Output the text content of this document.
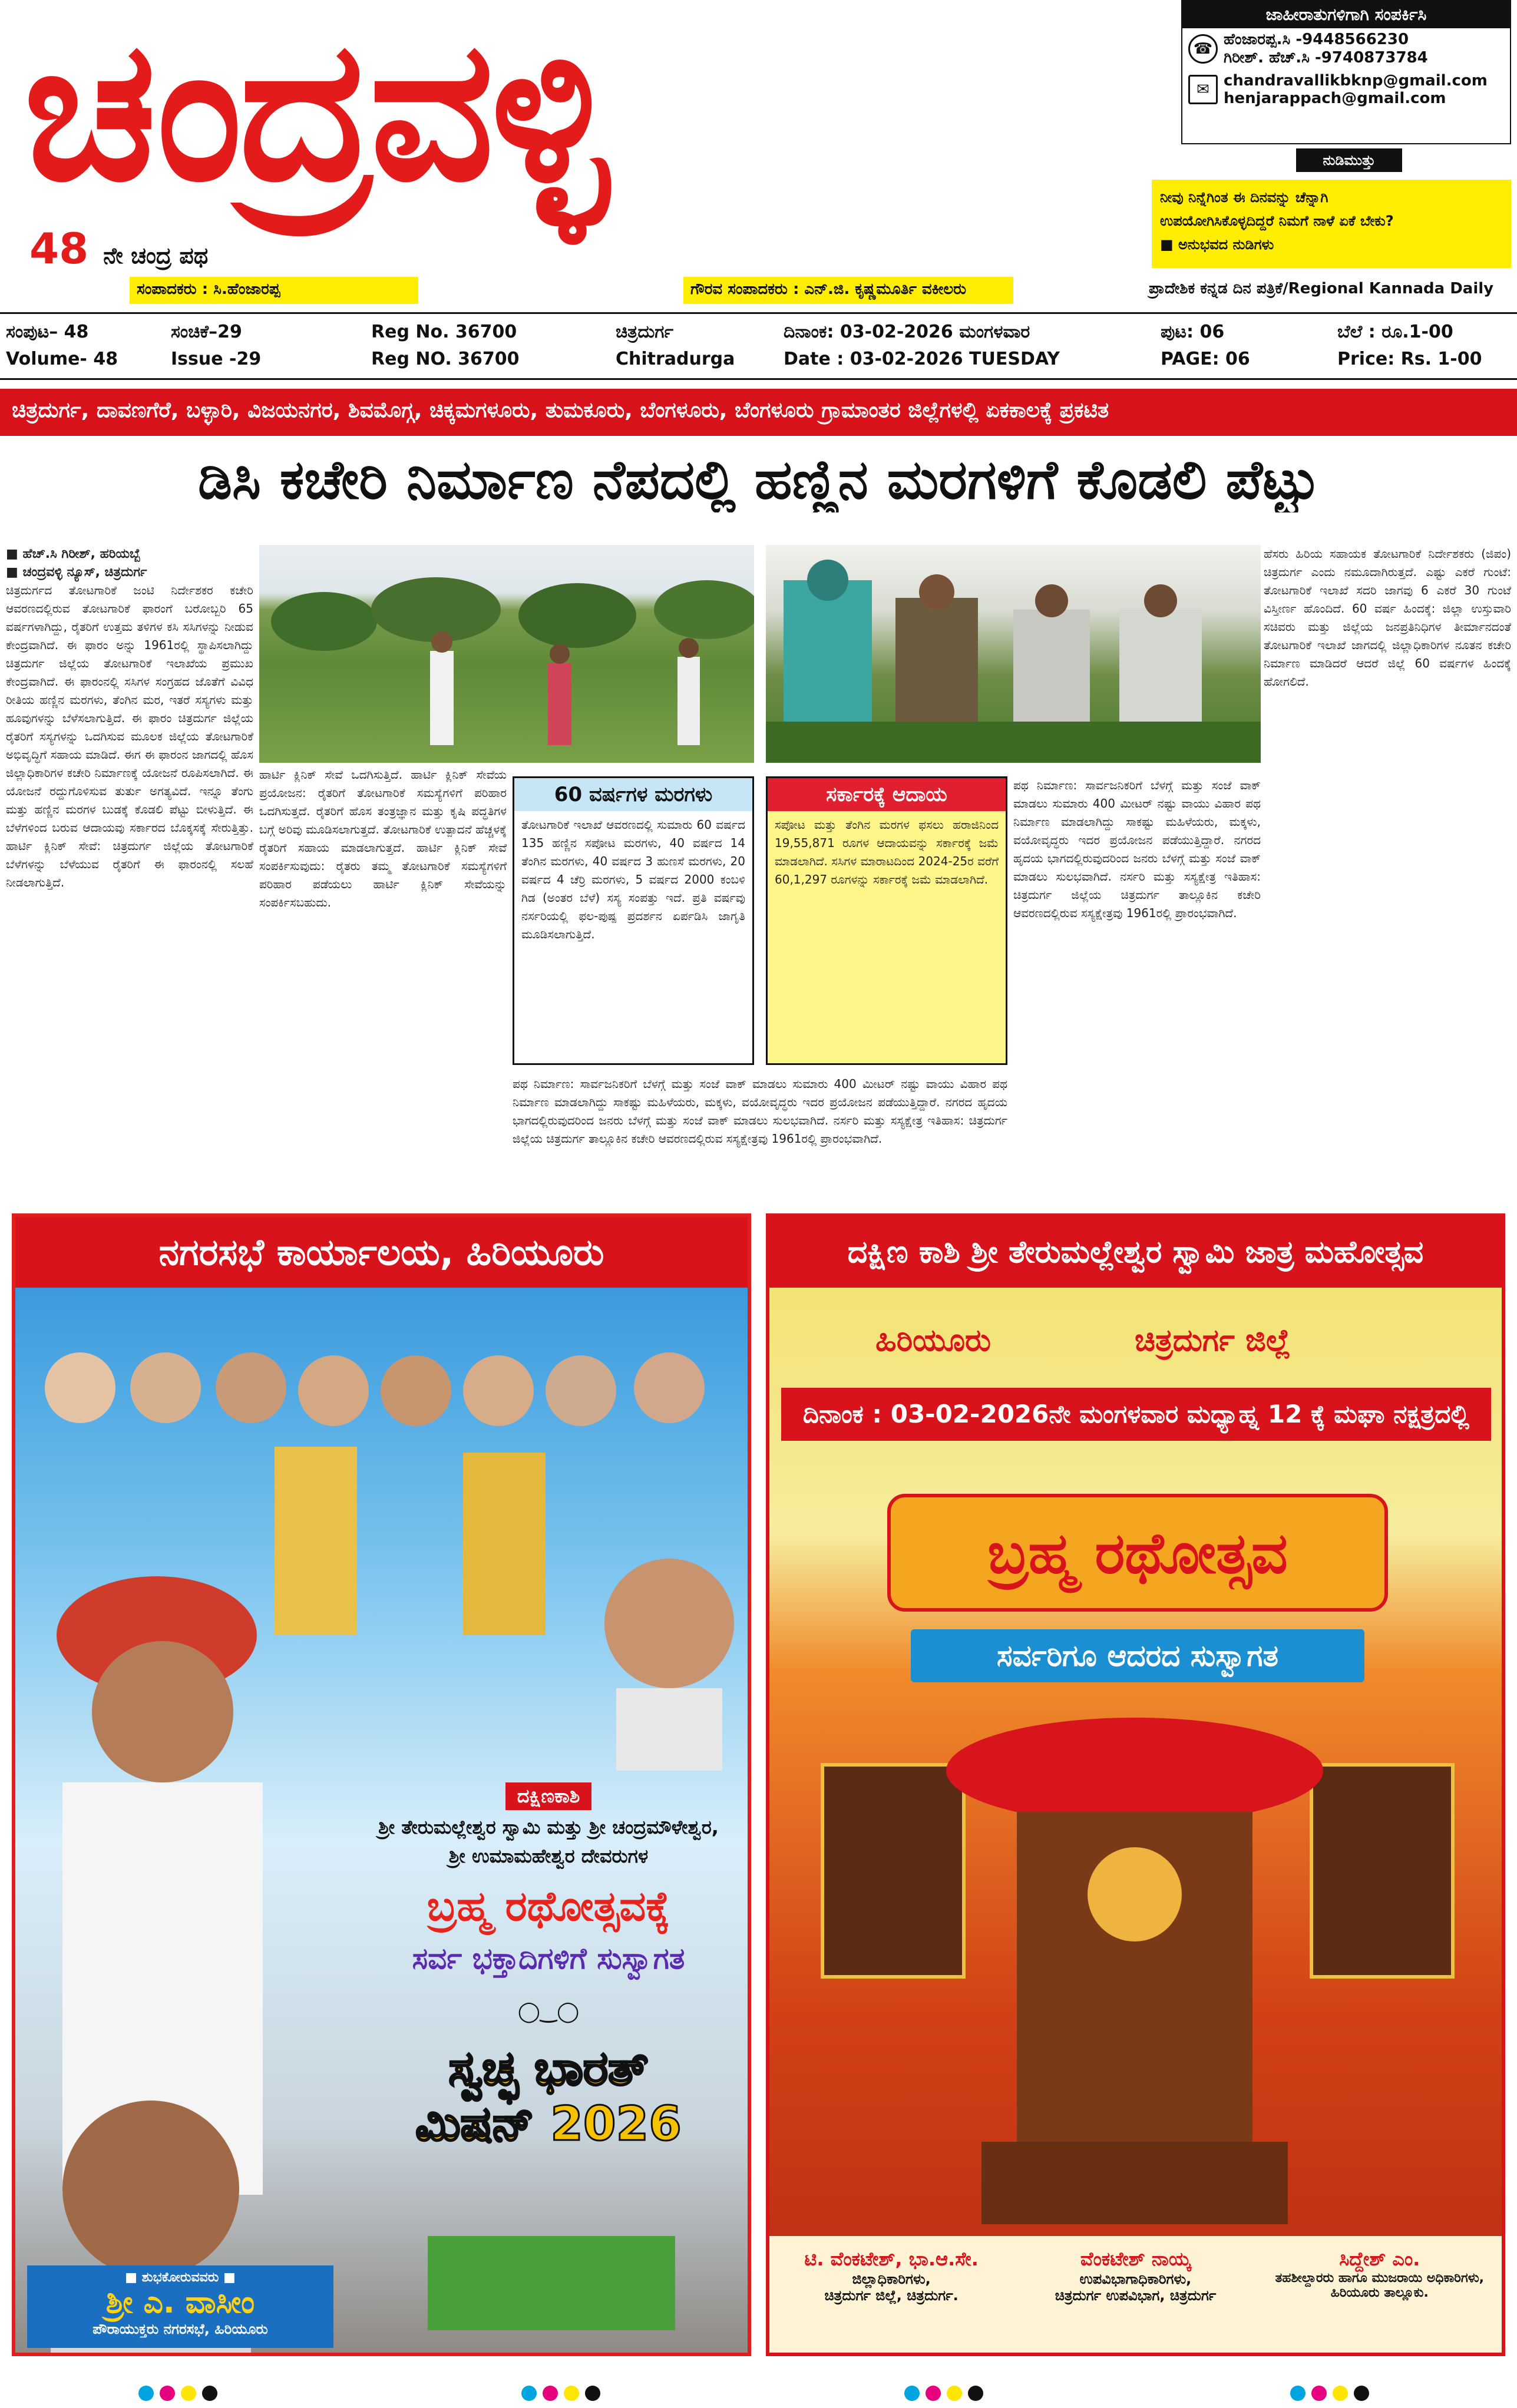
ಚಂದ್ರವಳ್ಳಿ
48 ನೇ ಚಂದ್ರ ಪಥ
ಸಂಪಾದಕರು : ಸಿ.ಹೆಂಜಾರಪ್ಪ	ಗೌರವ ಸಂಪಾದಕರು : ಎನ್.ಜಿ. ಕೃಷ್ಣಮೂರ್ತಿ ವಕೀಲರು	ಪ್ರಾದೇಶಿಕ ಕನ್ನಡ ದಿನ ಪತ್ರಿಕೆ/Regional Kannada Daily
ಜಾಹೀರಾತುಗಳಿಗಾಗಿ ಸಂಪರ್ಕಿಸಿ
☎
ಹೆಂಜಾರಪ್ಪ.ಸಿ -9448566230
ಗಿರೀಶ್. ಹೆಚ್.ಸಿ -9740873784
✉ chandravallikbknp@gmail.com
henjarappach@gmail.com
ನುಡಿಮುತ್ತು
ನೀವು ನಿನ್ನೆಗಿಂತ ಈ ದಿನವನ್ನು ಚೆನ್ನಾಗಿ
ಉಪಯೋಗಿಸಿಕೊಳ್ಳದಿದ್ದರೆ ನಿಮಗೆ ನಾಳೆ ಏಕೆ ಬೇಕು?
■ ಅನುಭವದ ನುಡಿಗಳು
ಸಂಪುಟ– 48
Volume- 48
ಸಂಚಿಕೆ–29
Issue -29
Reg No. 36700
Reg NO. 36700
ಚಿತ್ರದುರ್ಗ
Chitradurga
ದಿನಾಂಕ: 03-02-2026 ಮಂಗಳವಾರ
Date : 03-02-2026 TUESDAY
ಪುಟ: 06
PAGE: 06
ಬೆಲೆ : ರೂ.1-00
Price: Rs. 1-00
ಚಿತ್ರದುರ್ಗ, ದಾವಣಗೆರೆ, ಬಳ್ಳಾರಿ, ವಿಜಯನಗರ, ಶಿವಮೊಗ್ಗ, ಚಿಕ್ಕಮಗಳೂರು, ತುಮಕೂರು, ಬೆಂಗಳೂರು, ಬೆಂಗಳೂರು ಗ್ರಾಮಾಂತರ ಜಿಲ್ಲೆಗಳಲ್ಲಿ ಏಕಕಾಲಕ್ಕೆ ಪ್ರಕಟಿತ
ಡಿಸಿ ಕಚೇರಿ ನಿರ್ಮಾಣ ನೆಪದಲ್ಲಿ ಹಣ್ಣಿನ ಮರಗಳಿಗೆ ಕೊಡಲಿ ಪೆಟ್ಟು
■ ಹೆಚ್.ಸಿ ಗಿರೀಶ್, ಹರಿಯಬ್ಬೆ
■ ಚಂದ್ರವಳ್ಳಿ ನ್ಯೂಸ್, ಚಿತ್ರದುರ್ಗ
ಚಿತ್ರದುರ್ಗದ ತೋಟಗಾರಿಕೆ ಜಂಟಿ ನಿರ್ದೇಶಕರ ಕಚೇರಿ ಆವರಣದಲ್ಲಿರುವ ತೋಟಗಾರಿಕೆ ಫಾರಂಗೆ ಬರೋಬ್ಬರಿ 65 ವರ್ಷಗಳಾಗಿದ್ದು, ರೈತರಿಗೆ ಉತ್ತಮ ತಳಿಗಳ ಕಸಿ ಸಸಿಗಳನ್ನು ನೀಡುವ ಕೇಂದ್ರವಾಗಿದೆ. ಈ ಫಾರಂ ಅನ್ನು 1961ರಲ್ಲಿ ಸ್ಥಾಪಿಸಲಾಗಿದ್ದು ಚಿತ್ರದುರ್ಗ ಜಿಲ್ಲೆಯ ತೋಟಗಾರಿಕೆ ಇಲಾಖೆಯ ಪ್ರಮುಖ ಕೇಂದ್ರವಾಗಿದೆ. ಈ ಫಾರಂನಲ್ಲಿ ಸಸಿಗಳ ಸಂಗ್ರಹದ ಜೊತೆಗೆ ವಿವಿಧ ರೀತಿಯ ಹಣ್ಣಿನ ಮರಗಳು, ತೆಂಗಿನ ಮರ, ಇತರೆ ಸಸ್ಯಗಳು ಮತ್ತು ಹೂವುಗಳನ್ನು ಬೆಳೆಸಲಾಗುತ್ತಿದೆ. ಈ ಫಾರಂ ಚಿತ್ರದುರ್ಗ ಜಿಲ್ಲೆಯ ರೈತರಿಗೆ ಸಸ್ಯಗಳನ್ನು ಒದಗಿಸುವ ಮೂಲಕ ಜಿಲ್ಲೆಯ ತೋಟಗಾರಿಕೆ ಅಭಿವೃದ್ಧಿಗೆ ಸಹಾಯ ಮಾಡಿದೆ. ಈಗ ಈ ಫಾರಂನ ಜಾಗದಲ್ಲಿ ಹೊಸ ಜಿಲ್ಲಾಧಿಕಾರಿಗಳ ಕಚೇರಿ ನಿರ್ಮಾಣಕ್ಕೆ ಯೋಜನೆ ರೂಪಿಸಲಾಗಿದೆ. ಈ ಯೋಜನೆ ರದ್ದುಗೊಳಿಸುವ ತುರ್ತು ಅಗತ್ಯವಿದೆ. ಇನ್ನೂ ತೆಂಗು ಮತ್ತು ಹಣ್ಣಿನ ಮರಗಳ ಬುಡಕ್ಕೆ ಕೊಡಲಿ ಪೆಟ್ಟು ಬೀಳುತ್ತಿದೆ. ಈ ಬೆಳೆಗಳಿಂದ ಬರುವ ಆದಾಯವು ಸರ್ಕಾರದ ಬೊಕ್ಕಸಕ್ಕೆ ಸೇರುತ್ತಿತ್ತು. ಹಾರ್ಟಿ ಕ್ಲಿನಿಕ್ ಸೇವೆ: ಚಿತ್ರದುರ್ಗ ಜಿಲ್ಲೆಯ ತೋಟಗಾರಿಕೆ ಬೆಳೆಗಳನ್ನು ಬೆಳೆಯುವ ರೈತರಿಗೆ ಈ ಫಾರಂನಲ್ಲಿ ಸಲಹೆ ನೀಡಲಾಗುತ್ತಿದೆ.
ಹೆಸರು ಹಿರಿಯ ಸಹಾಯಕ ತೋಟಗಾರಿಕೆ ನಿರ್ದೇಶಕರು (ಜಿಪಂ) ಚಿತ್ರದುರ್ಗ ಎಂದು ನಮೂದಾಗಿರುತ್ತದೆ. ಎಷ್ಟು ಎಕರೆ ಗುಂಟೆ: ತೋಟಗಾರಿಕೆ ಇಲಾಖೆ ಸದರಿ ಜಾಗವು 6 ಎಕರೆ 30 ಗುಂಟೆ ವಿಸ್ತೀರ್ಣ ಹೊಂದಿದೆ. 60 ವರ್ಷ ಹಿಂದಕ್ಕೆ: ಜಿಲ್ಲಾ ಉಸ್ತುವಾರಿ ಸಚಿವರು ಮತ್ತು ಜಿಲ್ಲೆಯ ಜನಪ್ರತಿನಿಧಿಗಳ ತೀರ್ಮಾನದಂತೆ ತೋಟಗಾರಿಕೆ ಇಲಾಖೆ ಜಾಗದಲ್ಲಿ ಜಿಲ್ಲಾಧಿಕಾರಿಗಳ ನೂತನ ಕಚೇರಿ ನಿರ್ಮಾಣ ಮಾಡಿದರೆ ಆದರೆ ಜಿಲ್ಲೆ 60 ವರ್ಷಗಳ ಹಿಂದಕ್ಕೆ ಹೋಗಲಿದೆ.
ಹಾರ್ಟಿ ಕ್ಲಿನಿಕ್ ಸೇವೆ ಒದಗಿಸುತ್ತಿದೆ. ಹಾರ್ಟಿ ಕ್ಲಿನಿಕ್ ಸೇವೆಯ ಪ್ರಯೋಜನ: ರೈತರಿಗೆ ತೋಟಗಾರಿಕೆ ಸಮಸ್ಯೆಗಳಿಗೆ ಪರಿಹಾರ ಒದಗಿಸುತ್ತದೆ. ರೈತರಿಗೆ ಹೊಸ ತಂತ್ರಜ್ಞಾನ ಮತ್ತು ಕೃಷಿ ಪದ್ಧತಿಗಳ ಬಗ್ಗೆ ಅರಿವು ಮೂಡಿಸಲಾಗುತ್ತದೆ. ತೋಟಗಾರಿಕೆ ಉತ್ಪಾದನೆ ಹೆಚ್ಚಳಕ್ಕೆ ರೈತರಿಗೆ ಸಹಾಯ ಮಾಡಲಾಗುತ್ತದೆ. ಹಾರ್ಟಿ ಕ್ಲಿನಿಕ್ ಸೇವೆ ಸಂಪರ್ಕಿಸುವುದು: ರೈತರು ತಮ್ಮ ತೋಟಗಾರಿಕೆ ಸಮಸ್ಯೆಗಳಿಗೆ ಪರಿಹಾರ ಪಡೆಯಲು ಹಾರ್ಟಿ ಕ್ಲಿನಿಕ್ ಸೇವೆಯನ್ನು ಸಂಪರ್ಕಿಸಬಹುದು.
60 ವರ್ಷಗಳ ಮರಗಳು
ತೋಟಗಾರಿಕೆ ಇಲಾಖೆ ಆವರಣದಲ್ಲಿ ಸುಮಾರು 60 ವರ್ಷದ 135 ಹಣ್ಣಿನ ಸಪೋಟ ಮರಗಳು, 40 ವರ್ಷದ 14 ತೆಂಗಿನ ಮರಗಳು, 40 ವರ್ಷದ 3 ಹುಣಸೆ ಮರಗಳು, 20 ವರ್ಷದ 4 ಚೆರ್ರಿ ಮರಗಳು, 5 ವರ್ಷದ 2000 ಕಂಬಳಿ ಗಿಡ (ಅಂತರ ಬೆಳೆ) ಸಸ್ಯ ಸಂಪತ್ತು ಇದೆ. ಪ್ರತಿ ವರ್ಷವು ನರ್ಸರಿಯಲ್ಲಿ ಫಲ-ಪುಷ್ಪ ಪ್ರದರ್ಶನ ಏರ್ಪಡಿಸಿ ಜಾಗೃತಿ ಮೂಡಿಸಲಾಗುತ್ತಿದೆ.
ಸರ್ಕಾರಕ್ಕೆ ಆದಾಯ
ಸಪೋಟ ಮತ್ತು ತೆಂಗಿನ ಮರಗಳ ಫಸಲು ಹರಾಜಿನಿಂದ 19,55,871 ರೂಗಳ ಆದಾಯವನ್ನು ಸರ್ಕಾರಕ್ಕೆ ಜಮೆ ಮಾಡಲಾಗಿದೆ. ಸಸಿಗಳ ಮಾರಾಟದಿಂದ 2024-25ರ ವರೆಗೆ 60,1,297 ರೂಗಳನ್ನು ಸರ್ಕಾರಕ್ಕೆ ಜಮೆ ಮಾಡಲಾಗಿದೆ.
ಪಥ ನಿರ್ಮಾಣ: ಸಾರ್ವಜನಿಕರಿಗೆ ಬೆಳಗ್ಗೆ ಮತ್ತು ಸಂಜೆ ವಾಕ್ ಮಾಡಲು ಸುಮಾರು 400 ಮೀಟರ್ ನಷ್ಟು ವಾಯು ವಿಹಾರ ಪಥ ನಿರ್ಮಾಣ ಮಾಡಲಾಗಿದ್ದು ಸಾಕಷ್ಟು ಮಹಿಳೆಯರು, ಮಕ್ಕಳು, ವಯೋವೃದ್ಧರು ಇದರ ಪ್ರಯೋಜನ ಪಡೆಯುತ್ತಿದ್ದಾರೆ. ನಗರದ ಹೃದಯ ಭಾಗದಲ್ಲಿರುವುದರಿಂದ ಜನರು ಬೆಳಗ್ಗೆ ಮತ್ತು ಸಂಜೆ ವಾಕ್ ಮಾಡಲು ಸುಲಭವಾಗಿದೆ. ನರ್ಸರಿ ಮತ್ತು ಸಸ್ಯಕ್ಷೇತ್ರ ಇತಿಹಾಸ: ಚಿತ್ರದುರ್ಗ ಜಿಲ್ಲೆಯ ಚಿತ್ರದುರ್ಗ ತಾಲ್ಲೂಕಿನ ಕಚೇರಿ ಆವರಣದಲ್ಲಿರುವ ಸಸ್ಯಕ್ಷೇತ್ರವು 1961ರಲ್ಲಿ ಪ್ರಾರಂಭವಾಗಿದೆ.
ಪಥ ನಿರ್ಮಾಣ: ಸಾರ್ವಜನಿಕರಿಗೆ ಬೆಳಗ್ಗೆ ಮತ್ತು ಸಂಜೆ ವಾಕ್ ಮಾಡಲು ಸುಮಾರು 400 ಮೀಟರ್ ನಷ್ಟು ವಾಯು ವಿಹಾರ ಪಥ ನಿರ್ಮಾಣ ಮಾಡಲಾಗಿದ್ದು ಸಾಕಷ್ಟು ಮಹಿಳೆಯರು, ಮಕ್ಕಳು, ವಯೋವೃದ್ಧರು ಇದರ ಪ್ರಯೋಜನ ಪಡೆಯುತ್ತಿದ್ದಾರೆ. ನಗರದ ಹೃದಯ ಭಾಗದಲ್ಲಿರುವುದರಿಂದ ಜನರು ಬೆಳಗ್ಗೆ ಮತ್ತು ಸಂಜೆ ವಾಕ್ ಮಾಡಲು ಸುಲಭವಾಗಿದೆ. ನರ್ಸರಿ ಮತ್ತು ಸಸ್ಯಕ್ಷೇತ್ರ ಇತಿಹಾಸ: ಚಿತ್ರದುರ್ಗ ಜಿಲ್ಲೆಯ ಚಿತ್ರದುರ್ಗ ತಾಲ್ಲೂಕಿನ ಕಚೇರಿ ಆವರಣದಲ್ಲಿರುವ ಸಸ್ಯಕ್ಷೇತ್ರವು 1961ರಲ್ಲಿ ಪ್ರಾರಂಭವಾಗಿದೆ.
ನಗರಸಭೆ ಕಾರ್ಯಾಲಯ, ಹಿರಿಯೂರು
ದಕ್ಷಿಣಕಾಶಿ
ಶ್ರೀ ತೇರುಮಲ್ಲೇಶ್ವರ ಸ್ವಾಮಿ ಮತ್ತು ಶ್ರೀ ಚಂದ್ರಮೌಳೇಶ್ವರ,
ಶ್ರೀ ಉಮಾಮಹೇಶ್ವರ ದೇವರುಗಳ
ಬ್ರಹ್ಮ ರಥೋತ್ಸವಕ್ಕೆ
ಸರ್ವ ಭಕ್ತಾದಿಗಳಿಗೆ ಸುಸ್ವಾಗತ
◯‿◯
ಸ್ವಚ್ಛ ಭಾರತ್
ಮಿಷನ್ 2026
■ ಶುಭಕೋರುವವರು ■
ಶ್ರೀ ಎ. ವಾಸೀಂ
ಪೌರಾಯುಕ್ತರು ನಗರಸಭೆ, ಹಿರಿಯೂರು
ದಕ್ಷಿಣ ಕಾಶಿ ಶ್ರೀ ತೇರುಮಲ್ಲೇಶ್ವರ ಸ್ವಾಮಿ ಜಾತ್ರ ಮಹೋತ್ಸವ
ಹಿರಿಯೂರು	ಚಿತ್ರದುರ್ಗ ಜಿಲ್ಲೆ
ದಿನಾಂಕ : 03-02-2026ನೇ ಮಂಗಳವಾರ ಮಧ್ಯಾಹ್ನ 12 ಕ್ಕೆ ಮಘಾ ನಕ್ಷತ್ರದಲ್ಲಿ
ಬ್ರಹ್ಮ ರಥೋತ್ಸವ
ಸರ್ವರಿಗೂ ಆದರದ ಸುಸ್ವಾಗತ
ಟಿ. ವೆಂಕಟೇಶ್, ಭಾ.ಆ.ಸೇ.
ಜಿಲ್ಲಾಧಿಕಾರಿಗಳು,
ಚಿತ್ರದುರ್ಗ ಜಿಲ್ಲೆ, ಚಿತ್ರದುರ್ಗ.
ವೆಂಕಟೇಶ್ ನಾಯ್ಕ
ಉಪವಿಭಾಗಾಧಿಕಾರಿಗಳು,
ಚಿತ್ರದುರ್ಗ ಉಪವಿಭಾಗ, ಚಿತ್ರದುರ್ಗ
ಸಿದ್ದೇಶ್ ಎಂ.
ತಹಶೀಲ್ದಾರರು ಹಾಗೂ ಮುಜರಾಯಿ ಅಧಿಕಾರಿಗಳು,
ಹಿರಿಯೂರು ತಾಲ್ಲೂಕು.
